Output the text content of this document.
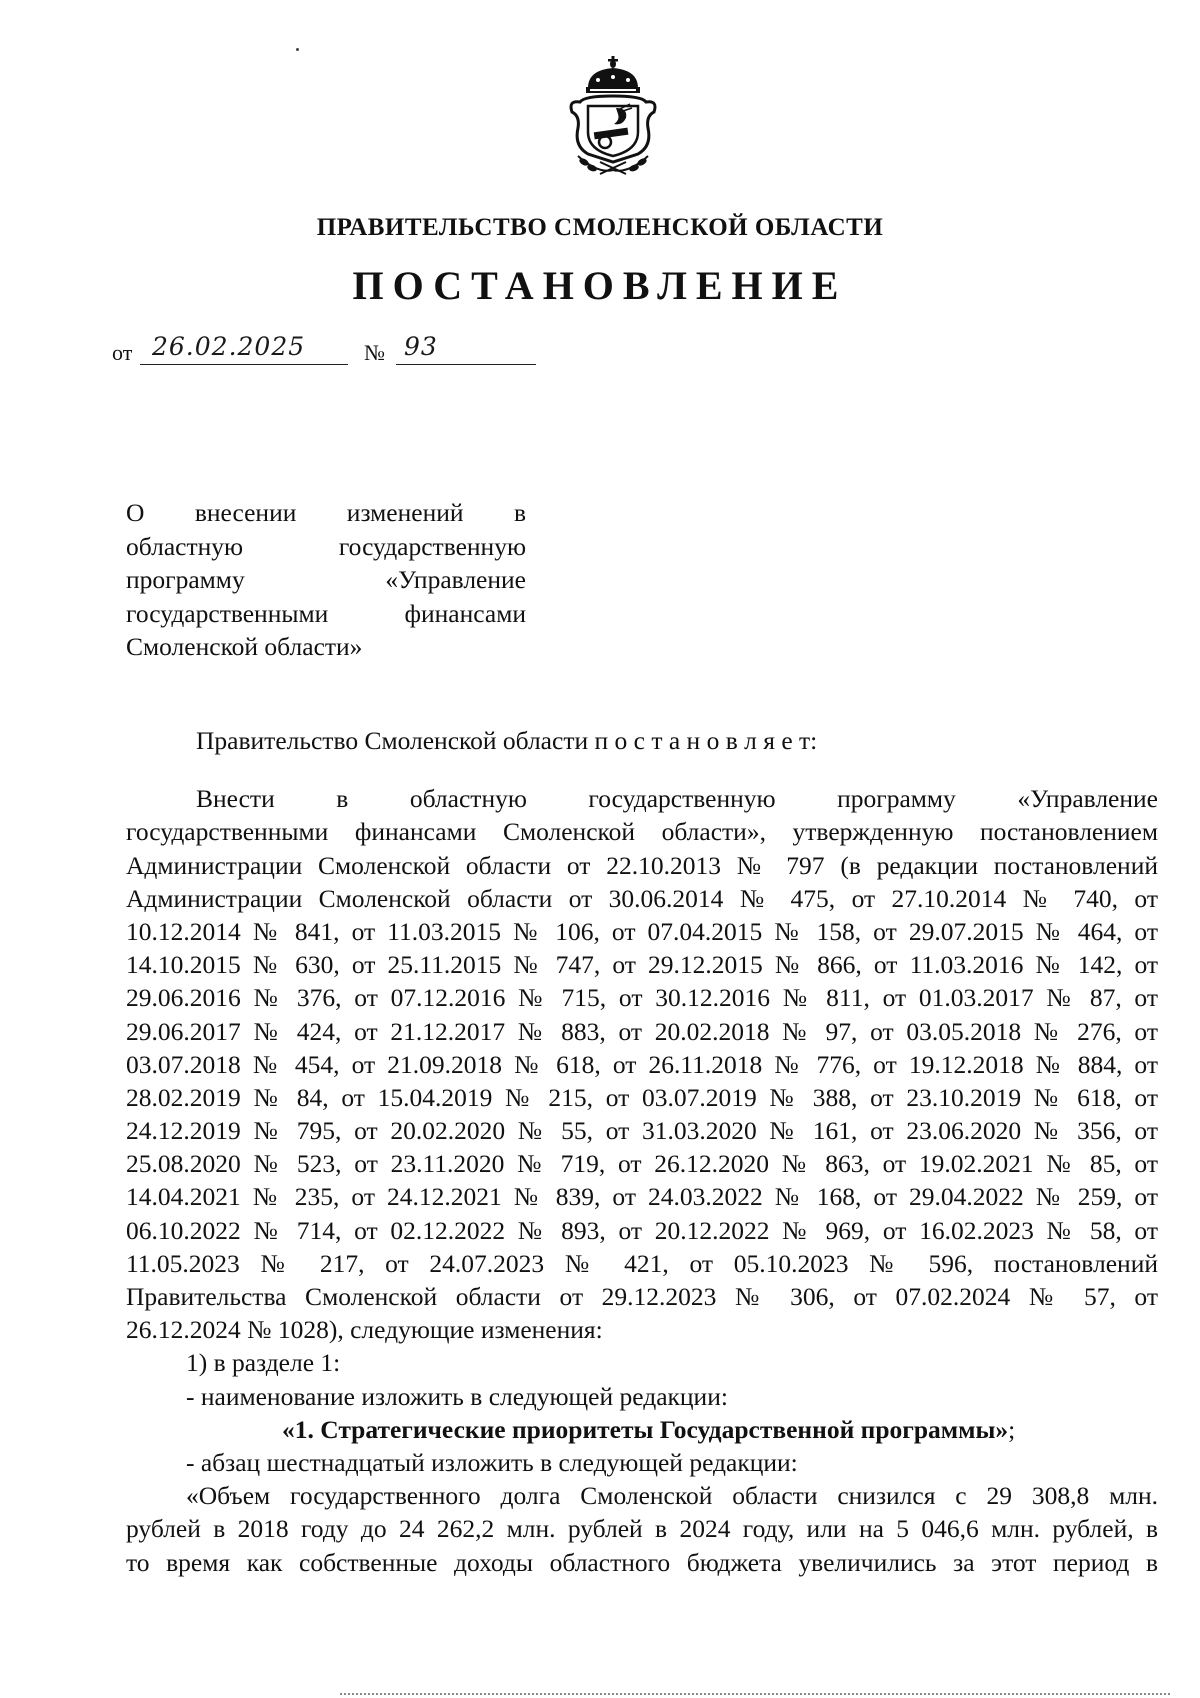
ПРАВИТЕЛЬСТВО СМОЛЕНСКОЙ ОБЛАСТИ
ПОСТАНОВЛЕНИЕ
от 26.02.2025	№ 93
О внесении изменений в
областную государственную
программу «Управление
государственными финансами
Смоленской области»
Правительство Смоленской области п о с т а н о в л я е т:
Внести в областную государственную программу «Управление
государственными финансами Смоленской области», утвержденную постановлением
Администрации Смоленской области от 22.10.2013 № 797 (в редакции постановлений
Администрации Смоленской области от 30.06.2014 № 475, от 27.10.2014 № 740, от
10.12.2014 № 841, от 11.03.2015 № 106, от 07.04.2015 № 158, от 29.07.2015 № 464, от
14.10.2015 № 630, от 25.11.2015 № 747, от 29.12.2015 № 866, от 11.03.2016 № 142, от
29.06.2016 № 376, от 07.12.2016 № 715, от 30.12.2016 № 811, от 01.03.2017 № 87, от
29.06.2017 № 424, от 21.12.2017 № 883, от 20.02.2018 № 97, от 03.05.2018 № 276, от
03.07.2018 № 454, от 21.09.2018 № 618, от 26.11.2018 № 776, от 19.12.2018 № 884, от
28.02.2019 № 84, от 15.04.2019 № 215, от 03.07.2019 № 388, от 23.10.2019 № 618, от
24.12.2019 № 795, от 20.02.2020 № 55, от 31.03.2020 № 161, от 23.06.2020 № 356, от
25.08.2020 № 523, от 23.11.2020 № 719, от 26.12.2020 № 863, от 19.02.2021 № 85, от
14.04.2021 № 235, от 24.12.2021 № 839, от 24.03.2022 № 168, от 29.04.2022 № 259, от
06.10.2022 № 714, от 02.12.2022 № 893, от 20.12.2022 № 969, от 16.02.2023 № 58, от
11.05.2023 № 217, от 24.07.2023 № 421, от 05.10.2023 № 596, постановлений
Правительства Смоленской области от 29.12.2023 № 306, от 07.02.2024 № 57, от
26.12.2024 № 1028), следующие изменения:
1) в разделе 1:
- наименование изложить в следующей редакции:
«1. Стратегические приоритеты Государственной программы»;
- абзац шестнадцатый изложить в следующей редакции:
«Объем государственного долга Смоленской области снизился с 29 308,8 млн.
рублей в 2018 году до 24 262,2 млн. рублей в 2024 году, или на 5 046,6 млн. рублей, в
то время как собственные доходы областного бюджета увеличились за этот период в
